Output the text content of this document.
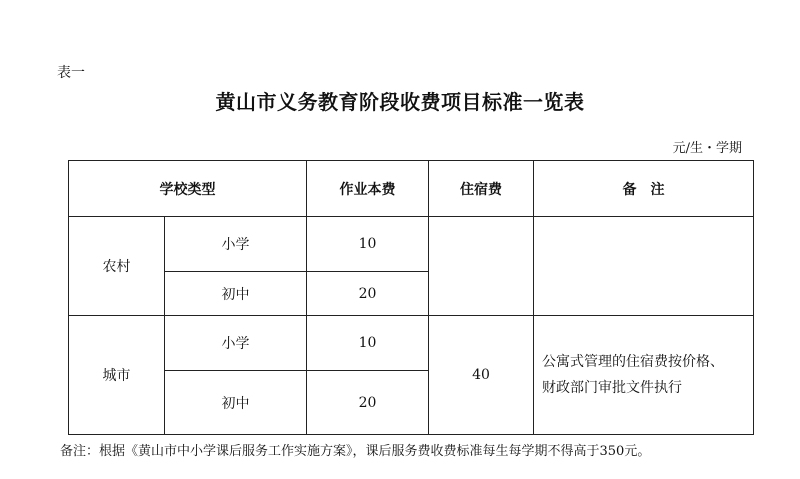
表一
黄山市义务教育阶段收费项目标准一览表
元/生・学期
学校类型		作业本费	住宿费	备　注
农村	小学	10		
	初中	20		
城市	小学	10	40	公寓式管理的住宿费按价格、
财政部门审批文件执行

	初中	20		
备注：根据《黄山市中小学课后服务工作实施方案》，课后服务费收费标准每生每学期不得高于350元。
